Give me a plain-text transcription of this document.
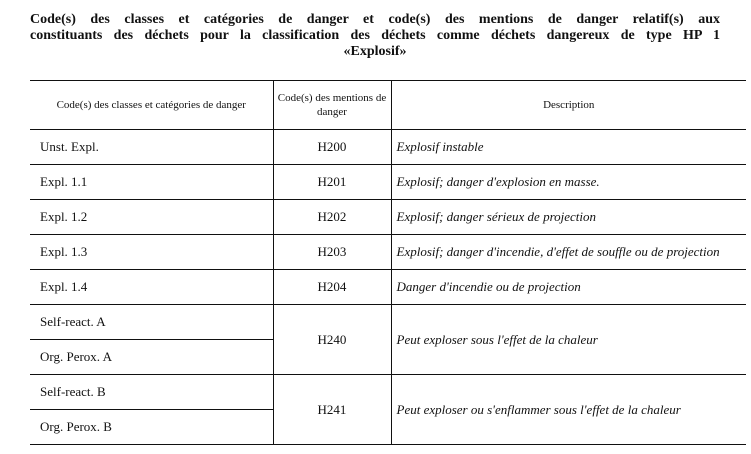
Code(s) des classes et catégories de danger et code(s) des mentions de danger relatif(s) aux
constituants des déchets pour la classification des déchets comme déchets dangereux de type HP 1
«Explosif»
Code(s) des classes et catégories de danger	Code(s) des mentions de danger	Description
Unst. Expl.	H200	Explosif instable
Expl. 1.1	H201	Explosif; danger d'explosion en masse.
Expl. 1.2	H202	Explosif; danger sérieux de projection
Expl. 1.3	H203	Explosif; danger d'incendie, d'effet de souffle ou de projection
Expl. 1.4	H204	Danger d'incendie ou de projection
Self-react. A	H240	Peut exploser sous l'effet de la chaleur
Org. Perox. A		
Self-react. B	H241	Peut exploser ou s'enflammer sous l'effet de la chaleur
Org. Perox. B		
